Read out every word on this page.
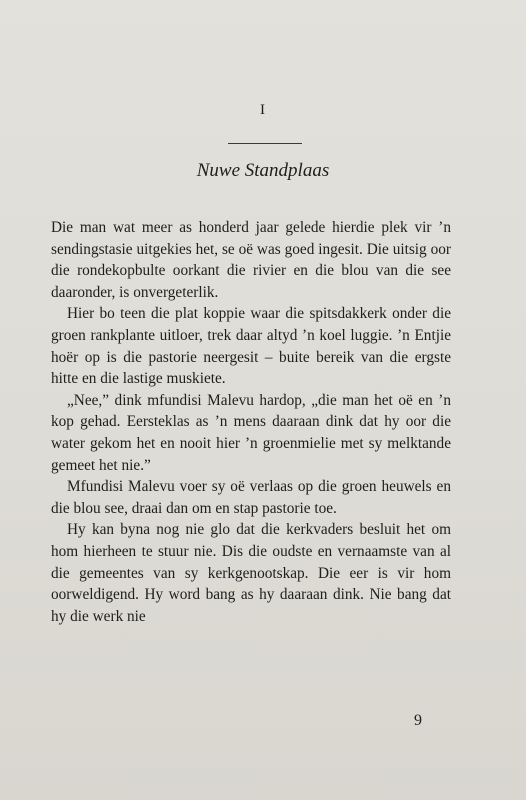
I
Nuwe Standplaas

Die man wat meer as honderd jaar gelede hierdie plek vir ’n sendingstasie uitgekies het, se oë was goed ingesit. Die uitsig oor die rondekopbulte oorkant die rivier en die blou van die see daaronder, is onvergeterlik.

Hier bo teen die plat koppie waar die spitsdakkerk onder die groen rankplante uitloer, trek daar altyd ’n koel luggie. ’n Entjie hoër op is die pastorie neergesit – buite bereik van die ergste hitte en die lastige muskiete.

„Nee,” dink mfundisi Malevu hardop, „die man het oë en ’n kop gehad. Eersteklas as ’n mens daaraan dink dat hy oor die water gekom het en nooit hier ’n groenmielie met sy melktande gemeet het nie.”

Mfundisi Malevu voer sy oë verlaas op die groen heuwels en die blou see, draai dan om en stap pastorie toe.

Hy kan byna nog nie glo dat die kerkvaders besluit het om hom hierheen te stuur nie. Dis die oudste en vernaamste van al die gemeentes van sy kerkgenootskap. Die eer is vir hom oorweldigend. Hy word bang as hy daaraan dink. Nie bang dat hy die werk nie

9
